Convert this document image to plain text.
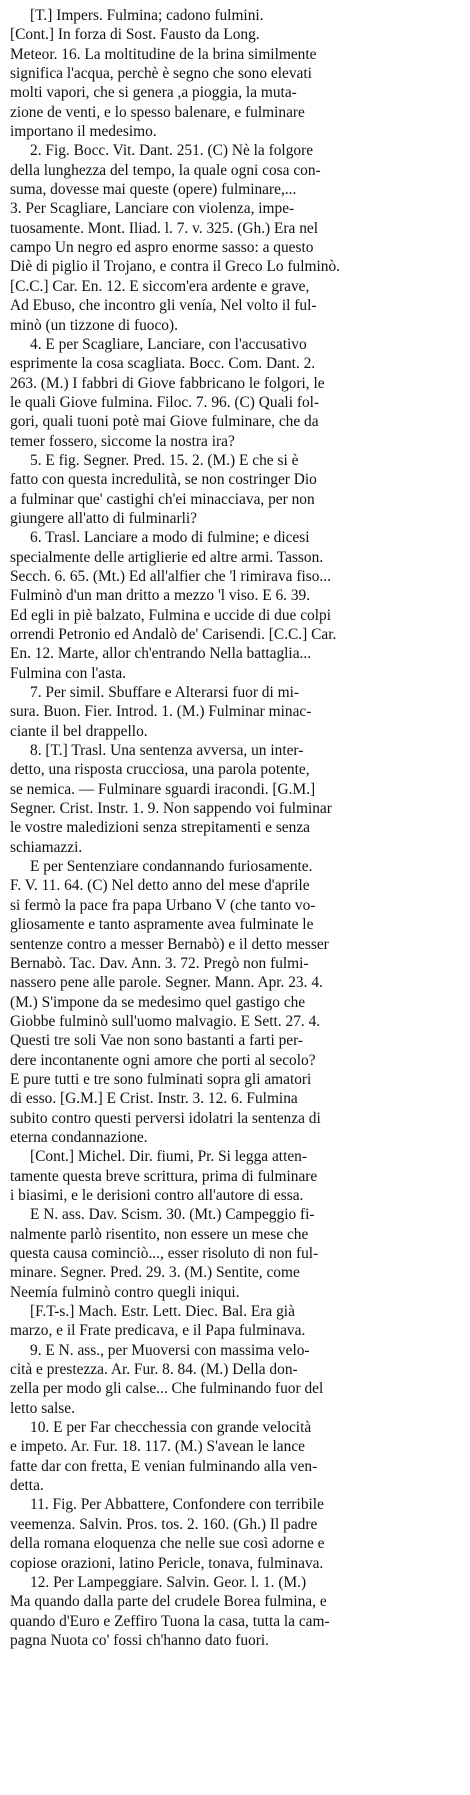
[T.] Impers. Fulmina; cadono fulmini.
[Cont.] In forza di Sost. Fausto da Long.
Meteor. 16. La moltitudine de la brina similmente
significa l'acqua, perchè è segno che sono elevati
molti vapori, che si genera ,a pioggia, la muta-
zione de venti, e lo spesso balenare, e fulminare
importano il medesimo.
2. Fig. Bocc. Vit. Dant. 251. (C) Nè la folgore
della lunghezza del tempo, la quale ogni cosa con-
suma, dovesse mai queste (opere) fulminare,...
3. Per Scagliare, Lanciare con violenza, impe-
tuosamente. Mont. Iliad. l. 7. v. 325. (Gh.) Era nel
campo Un negro ed aspro enorme sasso: a questo
Diè di piglio il Trojano, e contra il Greco Lo fulminò.
[C.C.] Car. En. 12. E siccom'era ardente e grave,
Ad Ebuso, che incontro gli venía, Nel volto il ful-
minò (un tizzone di fuoco).
4. E per Scagliare, Lanciare, con l'accusativo
esprimente la cosa scagliata. Bocc. Com. Dant. 2.
263. (M.) I fabbri di Giove fabbricano le folgori, le
le quali Giove fulmina. Filoc. 7. 96. (C) Quali fol-
gori, quali tuoni potè mai Giove fulminare, che da
temer fossero, siccome la nostra ira?
5. E fig. Segner. Pred. 15. 2. (M.) E che si è
fatto con questa incredulità, se non costringer Dio
a fulminar que' castighi ch'ei minacciava, per non
giungere all'atto di fulminarli?
6. Trasl. Lanciare a modo di fulmine; e dicesi
specialmente delle artiglierie ed altre armi. Tasson.
Secch. 6. 65. (Mt.) Ed all'alfier che 'l rimirava fiso...
Fulminò d'un man dritto a mezzo 'l viso. E 6. 39.
Ed egli in piè balzato, Fulmina e uccide di due colpi
orrendi Petronio ed Andalò de' Carisendi. [C.C.] Car.
En. 12. Marte, allor ch'entrando Nella battaglia...
Fulmina con l'asta.
7. Per simil. Sbuffare e Alterarsi fuor di mi-
sura. Buon. Fier. Introd. 1. (M.) Fulminar minac-
ciante il bel drappello.
8. [T.] Trasl. Una sentenza avversa, un inter-
detto, una risposta crucciosa, una parola potente,
se nemica. — Fulminare sguardi iracondi. [G.M.]
Segner. Crist. Instr. 1. 9. Non sappendo voi fulminar
le vostre maledizioni senza strepitamenti e senza
schiamazzi.
E per Sentenziare condannando furiosamente.
F. V. 11. 64. (C) Nel detto anno del mese d'aprile
si fermò la pace fra papa Urbano V (che tanto vo-
gliosamente e tanto aspramente avea fulminate le
sentenze contro a messer Bernabò) e il detto messer
Bernabò. Tac. Dav. Ann. 3. 72. Pregò non fulmi-
nassero pene alle parole. Segner. Mann. Apr. 23. 4.
(M.) S'impone da se medesimo quel gastigo che
Giobbe fulminò sull'uomo malvagio. E Sett. 27. 4.
Questi tre soli Vae non sono bastanti a farti per-
dere incontanente ogni amore che porti al secolo?
E pure tutti e tre sono fulminati sopra gli amatori
di esso. [G.M.] E Crist. Instr. 3. 12. 6. Fulmina
subito contro questi perversi idolatri la sentenza di
eterna condannazione.
[Cont.] Michel. Dir. fiumi, Pr. Si legga atten-
tamente questa breve scrittura, prima di fulminare
i biasimi, e le derisioni contro all'autore di essa.
E N. ass. Dav. Scism. 30. (Mt.) Campeggio fi-
nalmente parlò risentito, non essere un mese che
questa causa cominciò..., esser risoluto di non ful-
minare. Segner. Pred. 29. 3. (M.) Sentite, come
Neemía fulminò contro quegli iniqui.
[F.T-s.] Mach. Estr. Lett. Diec. Bal. Era già
marzo, e il Frate predicava, e il Papa fulminava.
9. E N. ass., per Muoversi con massima velo-
cità e prestezza. Ar. Fur. 8. 84. (M.) Della don-
zella per modo gli calse... Che fulminando fuor del
letto salse.
10. E per Far checchessia con grande velocità
e impeto. Ar. Fur. 18. 117. (M.) S'avean le lance
fatte dar con fretta, E venian fulminando alla ven-
detta.
11. Fig. Per Abbattere, Confondere con terribile
veemenza. Salvin. Pros. tos. 2. 160. (Gh.) Il padre
della romana eloquenza che nelle sue così adorne e
copiose orazioni, latino Pericle, tonava, fulminava.
12. Per Lampeggiare. Salvin. Geor. l. 1. (M.)
Ma quando dalla parte del crudele Borea fulmina, e
quando d'Euro e Zeffiro Tuona la casa, tutta la cam-
pagna Nuota co' fossi ch'hanno dato fuori.
